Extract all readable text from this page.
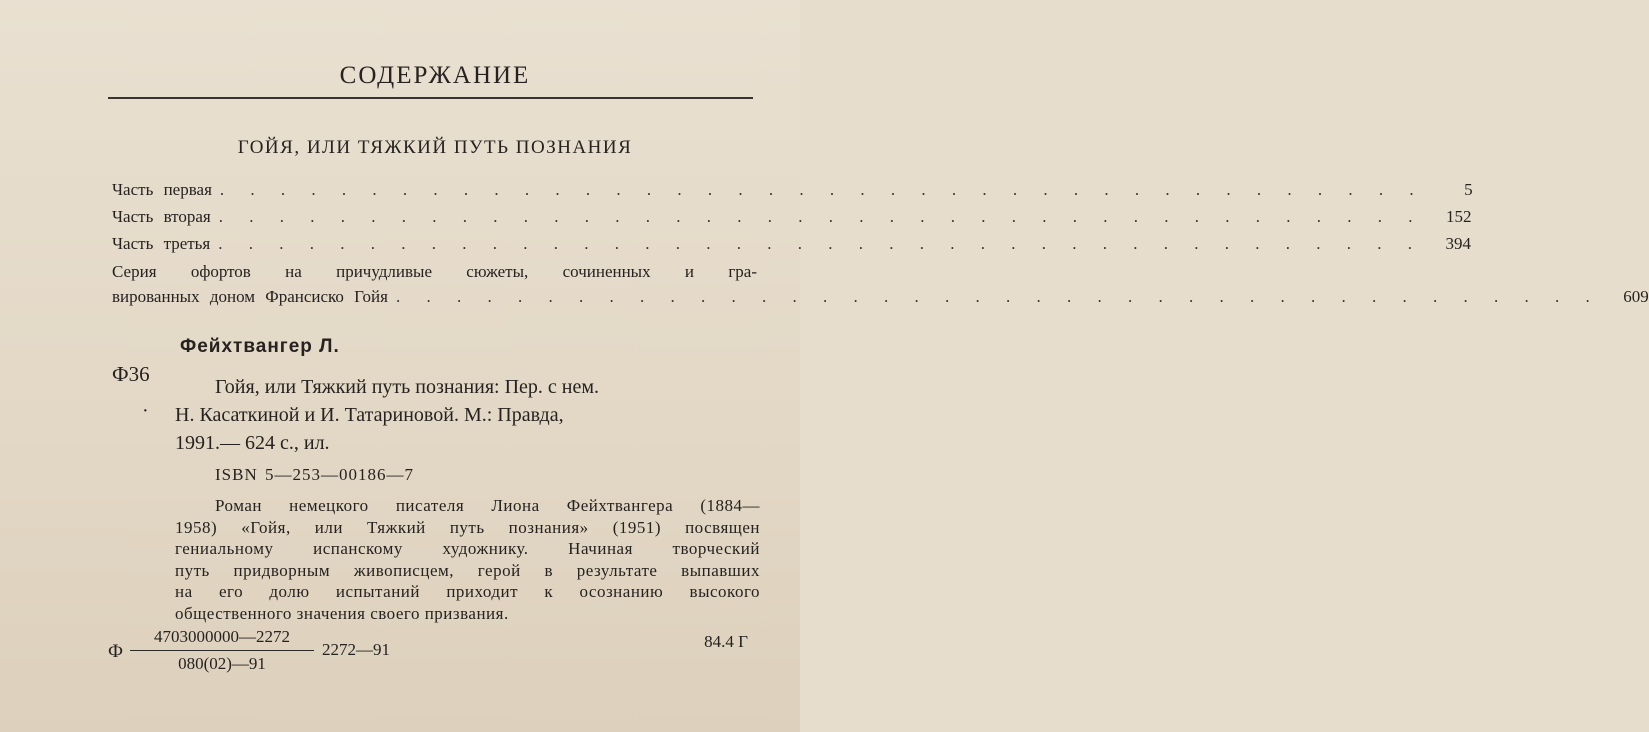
СОДЕРЖАНИЕ
ГОЙЯ, ИЛИ ТЯЖКИЙ ПУТЬ ПОЗНАНИЯ
Часть первая . . . . . . . . . . . . . . . . . . . . . . . . . . . . . . . . . . . . . . . .	5
Часть вторая . . . . . . . . . . . . . . . . . . . . . . . . . . . . . . . . . . . . . . . .	152
Часть третья . . . . . . . . . . . . . . . . . . . . . . . . . . . . . . . . . . . . . . . .	394
Серия офортов на причудливые сюжеты, сочиненных и гра-
вированных доном Франсиско Гойя . . . . . . . . . . . . . . . . . . . . . . . . . . . . . . . . . . . . . . . .	609
Фейхтвангер Л.
Ф36
·
Гойя, или Тяжкий путь познания: Пер. с нем.
Н. Касаткиной и И. Татариновой. М.: Правда,
1991.— 624 с., ил.
ISBN 5—253—00186—7
Роман немецкого писателя Лиона Фейхтвангера (1884—
1958) «Гойя, или Тяжкий путь познания» (1951) посвящен
гениальному испанскому художнику. Начиная творческий
путь придворным живописцем, герой в результате выпавших
на его долю испытаний приходит к осознанию высокого
общественного значения своего призвания.
Ф $\frac{4703000000—2272}{080(02)—91}$ 2272—91	84.4 Г
